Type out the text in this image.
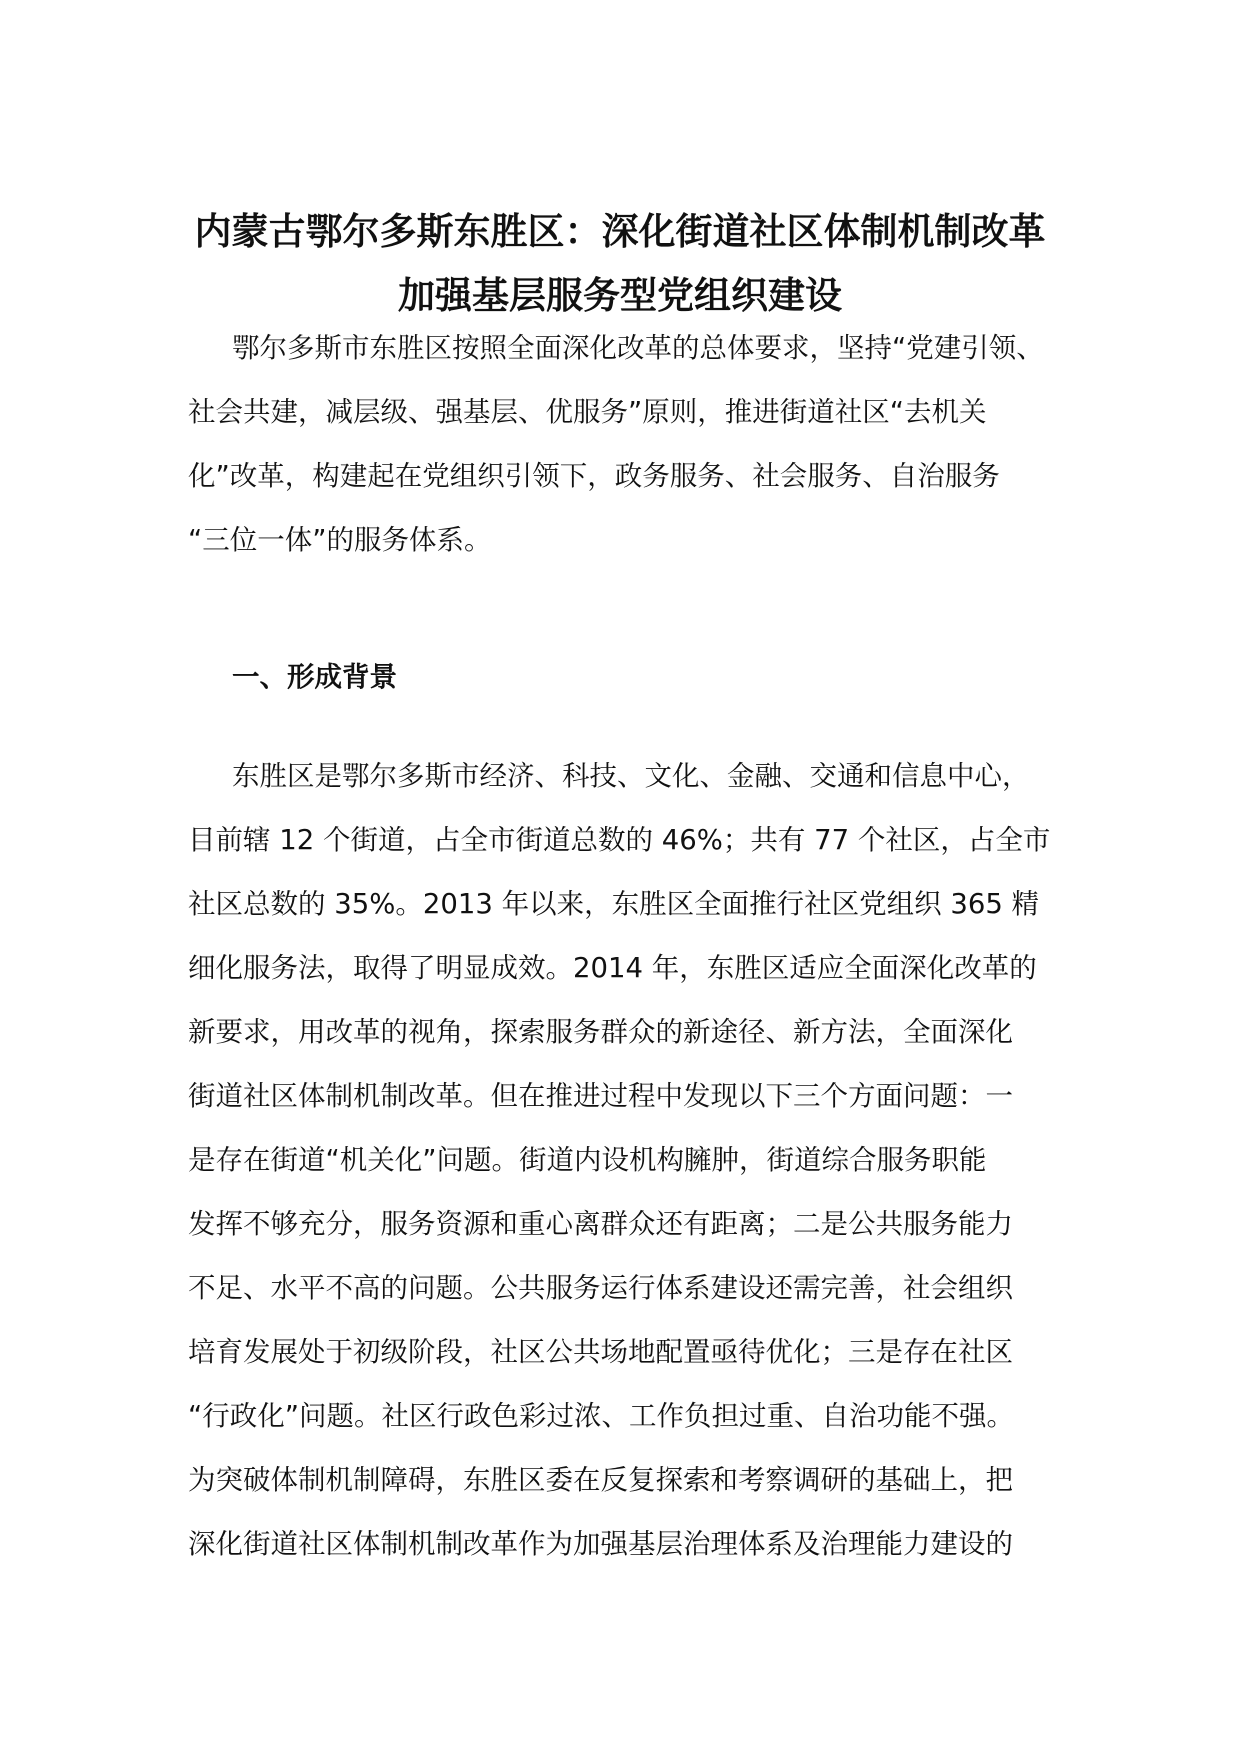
内蒙古鄂尔多斯东胜区：深化街道社区体制机制改革
加强基层服务型党组织建设
鄂尔多斯市东胜区按照全面深化改革的总体要求，坚持“党建引领、
社会共建，减层级、强基层、优服务”原则，推进街道社区“去机关
化”改革，构建起在党组织引领下，政务服务、社会服务、自治服务
“三位一体”的服务体系。
一、形成背景
东胜区是鄂尔多斯市经济、科技、文化、金融、交通和信息中心，
目前辖 12 个街道，占全市街道总数的 46%；共有 77 个社区，占全市
社区总数的 35%。2013 年以来，东胜区全面推行社区党组织 365 精
细化服务法，取得了明显成效。2014 年，东胜区适应全面深化改革的
新要求，用改革的视角，探索服务群众的新途径、新方法，全面深化
街道社区体制机制改革。但在推进过程中发现以下三个方面问题：一
是存在街道“机关化”问题。街道内设机构臃肿，街道综合服务职能
发挥不够充分，服务资源和重心离群众还有距离；二是公共服务能力
不足、水平不高的问题。公共服务运行体系建设还需完善，社会组织
培育发展处于初级阶段，社区公共场地配置亟待优化；三是存在社区
“行政化”问题。社区行政色彩过浓、工作负担过重、自治功能不强。
为突破体制机制障碍，东胜区委在反复探索和考察调研的基础上，把
深化街道社区体制机制改革作为加强基层治理体系及治理能力建设的
